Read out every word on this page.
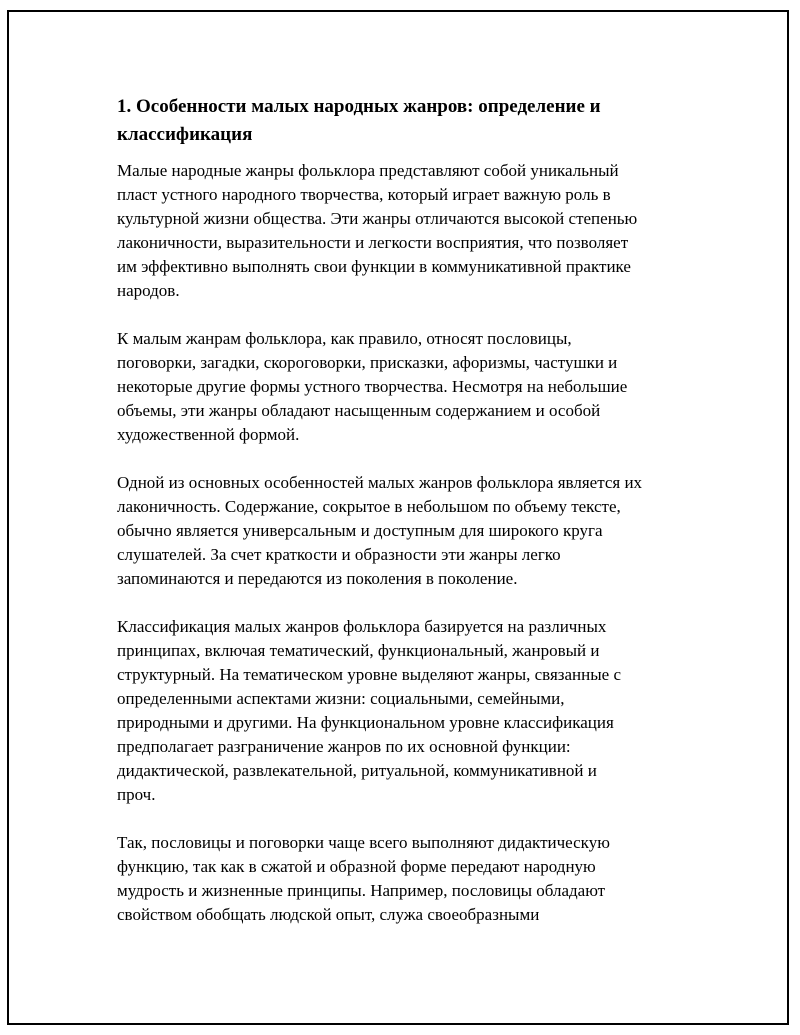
1. Особенности малых народных жанров: определение и
классификация

Малые народные жанры фольклора представляют собой уникальный
пласт устного народного творчества, который играет важную роль в
культурной жизни общества. Эти жанры отличаются высокой степенью
лаконичности, выразительности и легкости восприятия, что позволяет
им эффективно выполнять свои функции в коммуникативной практике
народов.

К малым жанрам фольклора, как правило, относят пословицы,
поговорки, загадки, скороговорки, присказки, афоризмы, частушки и
некоторые другие формы устного творчества. Несмотря на небольшие
объемы, эти жанры обладают насыщенным содержанием и особой
художественной формой.

Одной из основных особенностей малых жанров фольклора является их
лаконичность. Содержание, сокрытое в небольшом по объему тексте,
обычно является универсальным и доступным для широкого круга
слушателей. За счет краткости и образности эти жанры легко
запоминаются и передаются из поколения в поколение.

Классификация малых жанров фольклора базируется на различных
принципах, включая тематический, функциональный, жанровый и
структурный. На тематическом уровне выделяют жанры, связанные с
определенными аспектами жизни: социальными, семейными,
природными и другими. На функциональном уровне классификация
предполагает разграничение жанров по их основной функции:
дидактической, развлекательной, ритуальной, коммуникативной и
проч.

Так, пословицы и поговорки чаще всего выполняют дидактическую
функцию, так как в сжатой и образной форме передают народную
мудрость и жизненные принципы. Например, пословицы обладают
свойством обобщать людской опыт, служа своеобразными
